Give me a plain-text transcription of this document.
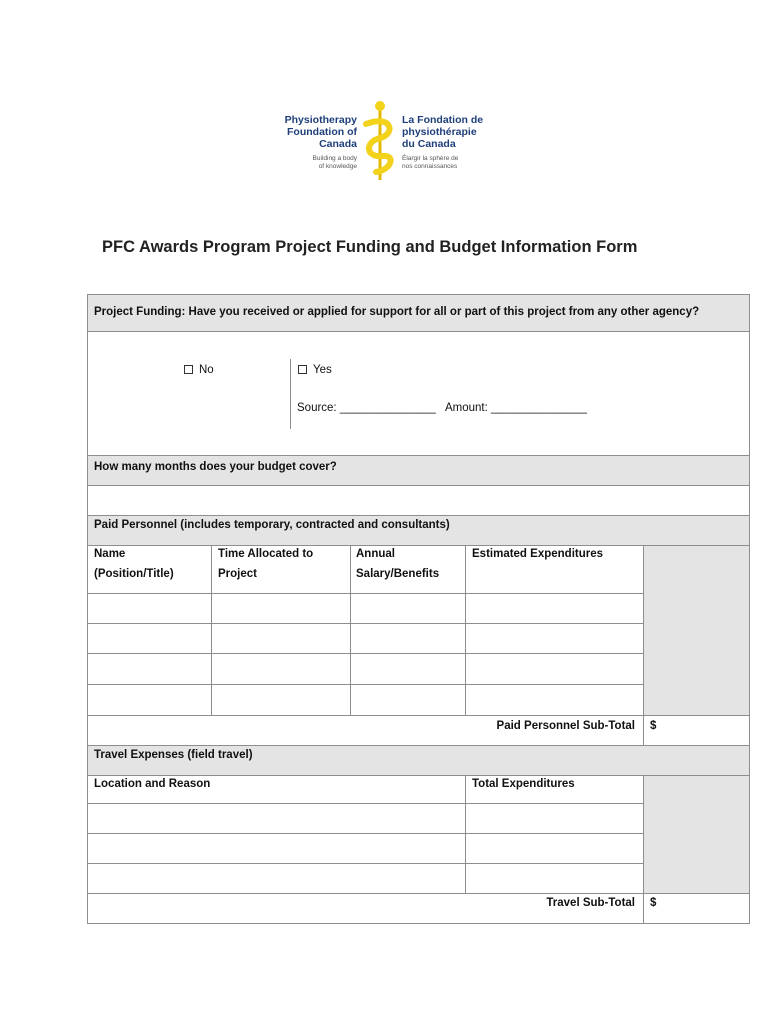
Physiotherapy
Foundation of
Canada
Building a body
of knowledge
La Fondation de
physiothérapie
du Canada
Élargir la sphère de
nos connaissances
PFC Awards Program Project Funding and Budget Information Form
Project Funding: Have you received or applied for support for all or part of this project from any other agency?
No	Yes
Source: _______________ Amount: _______________
How many months does your budget cover?
Paid Personnel (includes temporary, contracted and consultants)
Name
(Position/Title)
Time Allocated to
Project
Annual
Salary/Benefits
Estimated Expenditures
Paid Personnel Sub-Total $
Travel Expenses (field travel)
Location and Reason	Total Expenditures
Travel Sub-Total $
